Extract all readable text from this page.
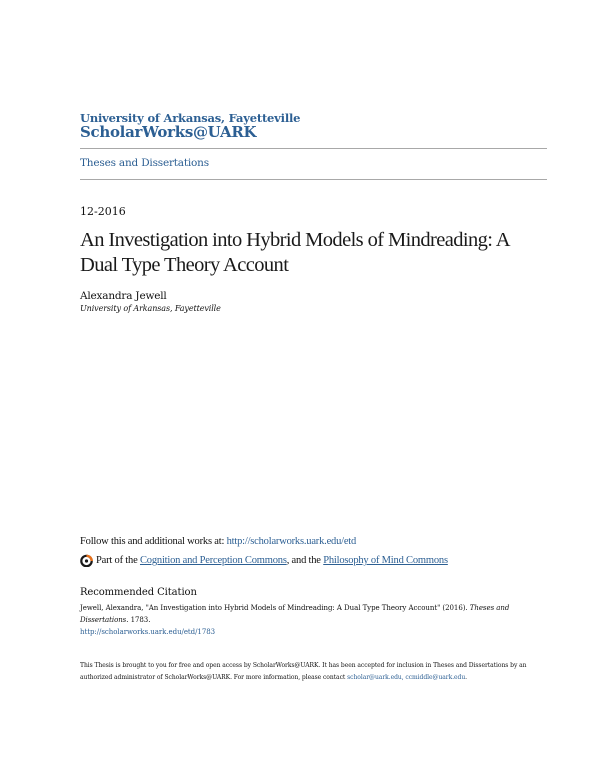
University of Arkansas, Fayetteville
ScholarWorks@UARK
Theses and Dissertations
12-2016
An Investigation into Hybrid Models of Mindreading: A Dual Type Theory Account
Alexandra Jewell
University of Arkansas, Fayetteville
Follow this and additional works at: http://scholarworks.uark.edu/etd
Part of the
Cognition and Perception Commons , and the
Philosophy of Mind Commons
Recommended Citation
Jewell, Alexandra, "An Investigation into Hybrid Models of Mindreading: A Dual Type Theory Account" (2016). Theses and Dissertations. 1783.
http://scholarworks.uark.edu/etd/1783
This Thesis is brought to you for free and open access by ScholarWorks@UARK. It has been accepted for inclusion in Theses and Dissertations by an authorized administrator of ScholarWorks@UARK. For more information, please contact scholar@uark.edu, ccmiddle@uark.edu.
